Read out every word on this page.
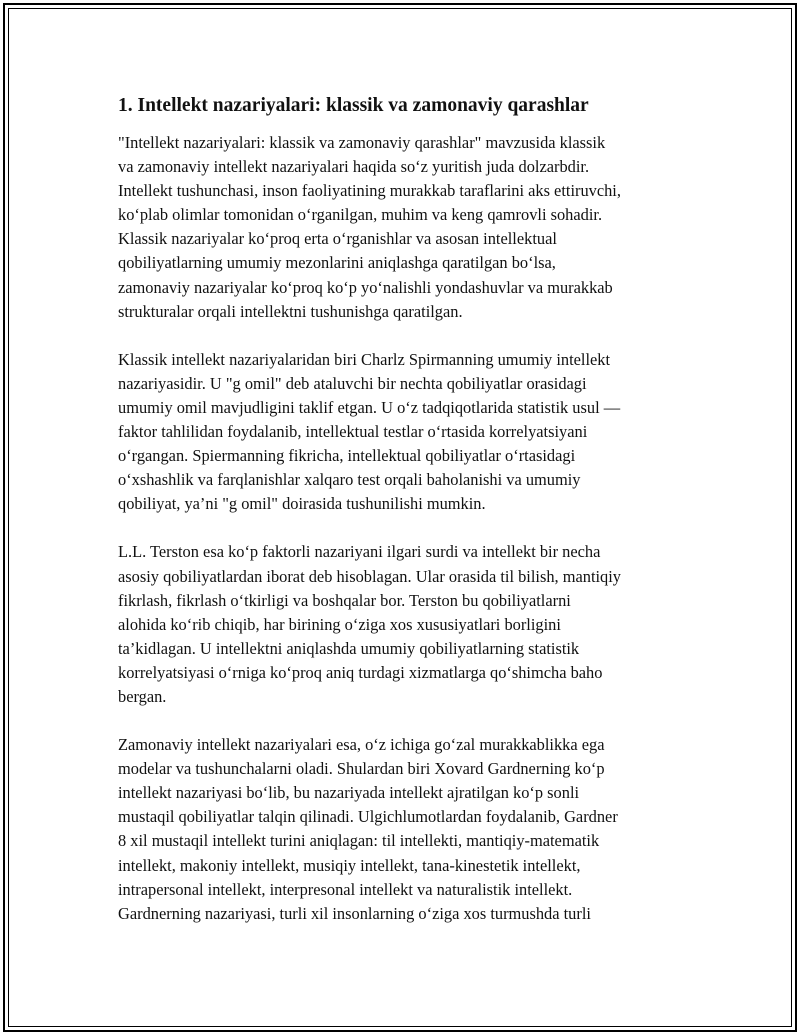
1. Intellekt nazariyalari: klassik va zamonaviy qarashlar
"Intellekt nazariyalari: klassik va zamonaviy qarashlar" mavzusida klassik
va zamonaviy intellekt nazariyalari haqida so‘z yuritish juda dolzarbdir.
Intellekt tushunchasi, inson faoliyatining murakkab taraflarini aks ettiruvchi,
ko‘plab olimlar tomonidan o‘rganilgan, muhim va keng qamrovli sohadir.
Klassik nazariyalar ko‘proq erta o‘rganishlar va asosan intellektual
qobiliyatlarning umumiy mezonlarini aniqlashga qaratilgan bo‘lsa,
zamonaviy nazariyalar ko‘proq ko‘p yo‘nalishli yondashuvlar va murakkab
strukturalar orqali intellektni tushunishga qaratilgan.
Klassik intellekt nazariyalaridan biri Charlz Spirmanning umumiy intellekt
nazariyasidir. U "g omil" deb ataluvchi bir nechta qobiliyatlar orasidagi
umumiy omil mavjudligini taklif etgan. U o‘z tadqiqotlarida statistik usul —
faktor tahlilidan foydalanib, intellektual testlar o‘rtasida korrelyatsiyani
o‘rgangan. Spiermanning fikricha, intellektual qobiliyatlar o‘rtasidagi
o‘xshashlik va farqlanishlar xalqaro test orqali baholanishi va umumiy
qobiliyat, ya’ni "g omil" doirasida tushunilishi mumkin.
L.L. Terston esa ko‘p faktorli nazariyani ilgari surdi va intellekt bir necha
asosiy qobiliyatlardan iborat deb hisoblagan. Ular orasida til bilish, mantiqiy
fikrlash, fikrlash o‘tkirligi va boshqalar bor. Terston bu qobiliyatlarni
alohida ko‘rib chiqib, har birining o‘ziga xos xususiyatlari borligini
ta’kidlagan. U intellektni aniqlashda umumiy qobiliyatlarning statistik
korrelyatsiyasi o‘rniga ko‘proq aniq turdagi xizmatlarga qo‘shimcha baho
bergan.
Zamonaviy intellekt nazariyalari esa, o‘z ichiga go‘zal murakkablikka ega
modelar va tushunchalarni oladi. Shulardan biri Xovard Gardnerning ko‘p
intellekt nazariyasi bo‘lib, bu nazariyada intellekt ajratilgan ko‘p sonli
mustaqil qobiliyatlar talqin qilinadi. Ulgichlumotlardan foydalanib, Gardner
8 xil mustaqil intellekt turini aniqlagan: til intellekti, mantiqiy-matematik
intellekt, makoniy intellekt, musiqiy intellekt, tana-kinestetik intellekt,
intrapersonal intellekt, interpresonal intellekt va naturalistik intellekt.
Gardnerning nazariyasi, turli xil insonlarning o‘ziga xos turmushda turli
